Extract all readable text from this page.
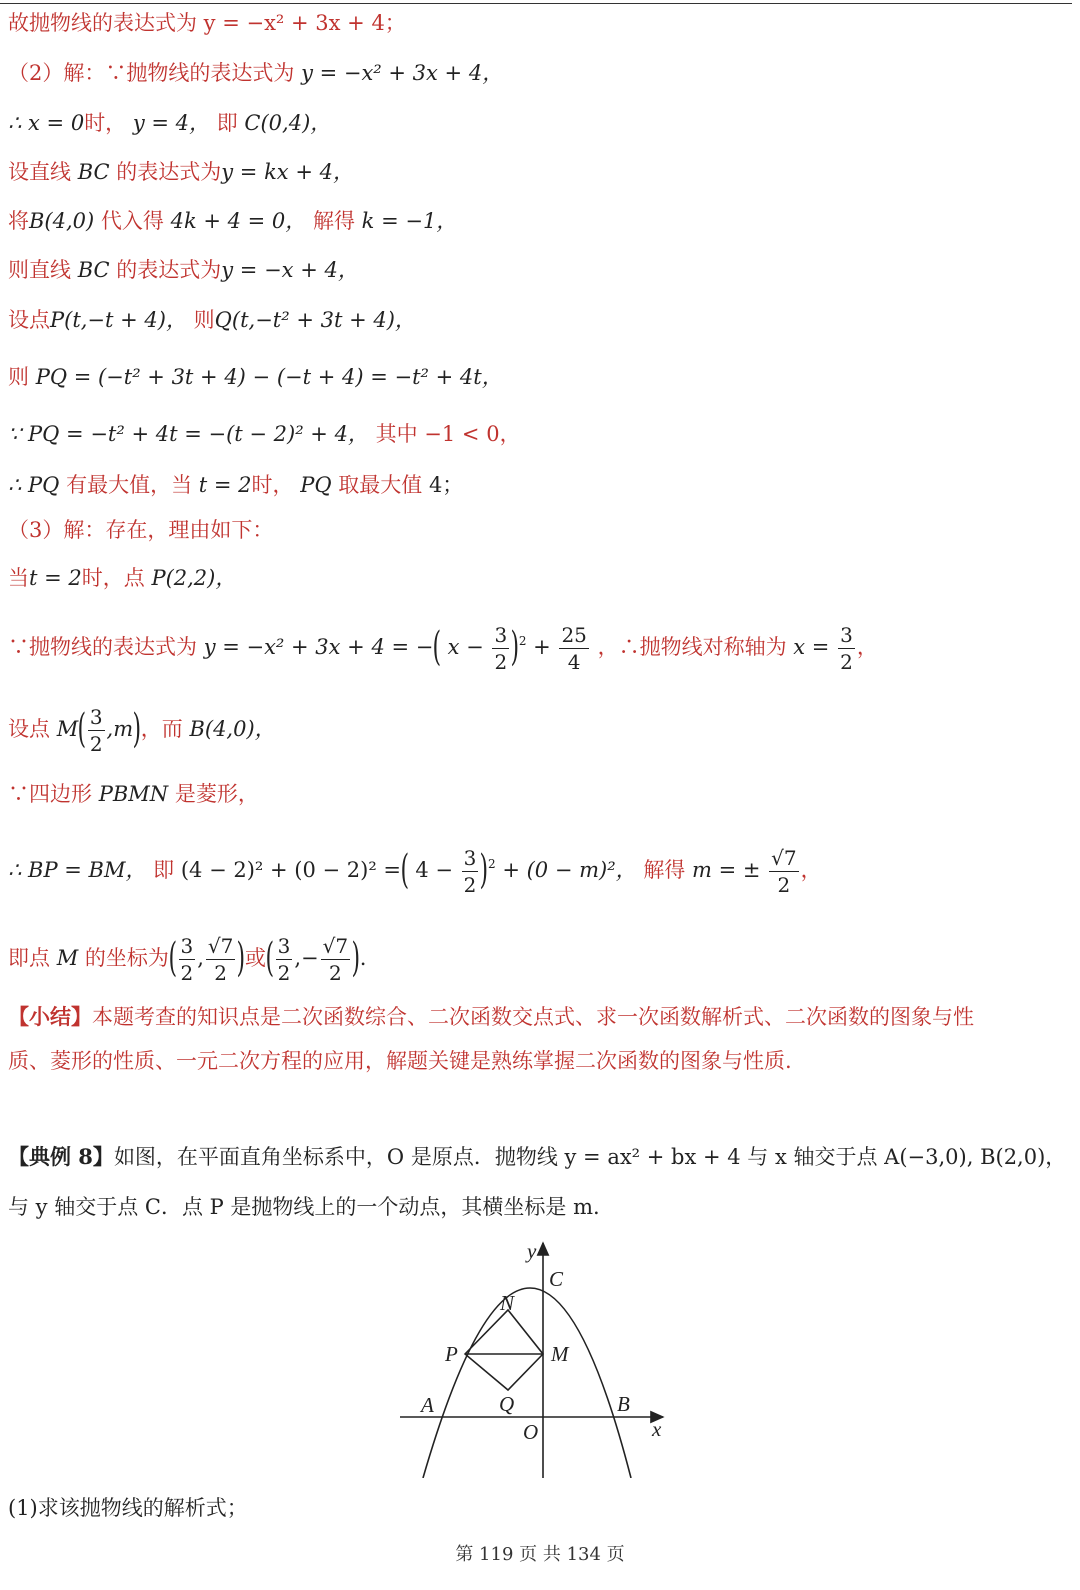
故抛物线的表达式为 y = −x² + 3x + 4；
（2）解：∵抛物线的表达式为 y = −x² + 3x + 4，
∴ x = 0时， y = 4， 即 C(0,4)，
设直线 BC 的表达式为y = kx + 4，
将B(4,0) 代入得 4k + 4 = 0， 解得 k = −1，
则直线 BC 的表达式为y = −x + 4，
设点P(t,−t + 4)， 则Q(t,−t² + 3t + 4)，
则 PQ = (−t² + 3t + 4) − (−t + 4) = −t² + 4t，
∵ PQ = −t² + 4t = −(t − 2)² + 4， 其中 −1 < 0，
∴ PQ 有最大值，当 t = 2时， PQ 取最大值 4；
（3）解：存在，理由如下：
当t = 2时，点 P(2,2)，
∵抛物线的表达式为 y = −x² + 3x + 4 = −( $x - \frac{3}{2} )^2 + \frac{25}{4}$ ，∴抛物线对称轴为 $x = \frac{3}{2}$ ，
设点 $M( \frac{3}{2} ,m)$，而 B(4,0)，
∵四边形 PBMN 是菱形，
∴ BP = BM， 即 (4 − 2)² + (0 − 2)² =( $4 - \frac{3}{2} )^2 + (0 - m)^2$， 解得 m = ± $\frac{√7}{2}$ ，
即点 M 的坐标为( $\frac{3}{2}$ , $\frac{√7}{2}$ )或( $\frac{3}{2}$ ,− $\frac{√7}{2}$ ).
【小结】本题考查的知识点是二次函数综合、二次函数交点式、求一次函数解析式、二次函数的图象与性
质、菱形的性质、一元二次方程的应用，解题关键是熟练掌握二次函数的图象与性质.
【典例 8】如图，在平面直角坐标系中，O 是原点．抛物线 y = ax² + bx + 4 与 x 轴交于点 A(−3,0), B(2,0)，
与 y 轴交于点 C．点 P 是抛物线上的一个动点，其横坐标是 m.
y
C
N
P	M
A	Q	B
O	x
(1)求该抛物线的解析式；
第 119 页 共 134 页
